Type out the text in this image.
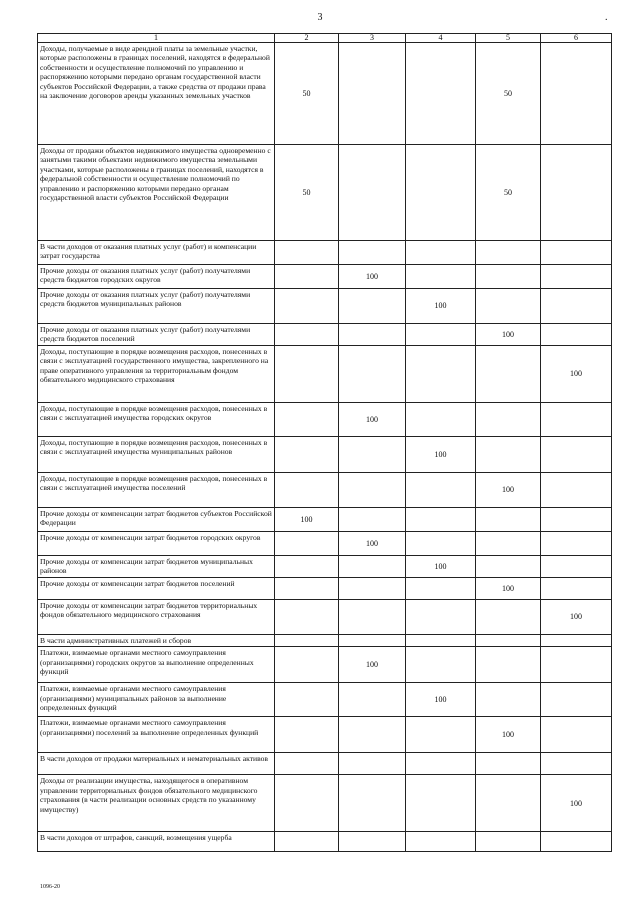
3	.
1	2	3	4	5	6
Доходы, получаемые в виде арендной платы за земельные участки, которые расположены в границах поселений, находятся в федеральной собственности и осуществление полномочий по управлению и распоряжению которыми передано органам государственной власти субъектов Российской Федерации, а также средства от продажи права на заключение договоров аренды указанных земельных участков	50			50	
Доходы от продажи объектов недвижимого имущества одновременно с занятыми такими объектами недвижимого имущества земельными участками, которые расположены в границах поселений, находятся в федеральной собственности и осуществление полномочий по управлению и распоряжению которыми передано органам государственной власти субъектов Российской Федерации	50			50	
В части доходов от оказания платных услуг (работ) и компенсации затрат государства					
Прочие доходы от оказания платных услуг (работ) получателями средств бюджетов городских округов		100			
Прочие доходы от оказания платных услуг (работ) получателями средств бюджетов муниципальных районов			100		
Прочие доходы от оказания платных услуг (работ) получателями средств бюджетов поселений				100	
Доходы, поступающие в порядке возмещения расходов, понесенных в связи с эксплуатацией государственного имущества, закрепленного на праве оперативного управления за территориальным фондом обязательного медицинского страхования					100
Доходы, поступающие в порядке возмещения расходов, понесенных в связи с эксплуатацией имущества городских округов		100			
Доходы, поступающие в порядке возмещения расходов, понесенных в связи с эксплуатацией имущества муниципальных районов			100		
Доходы, поступающие в порядке возмещения расходов, понесенных в связи с эксплуатацией имущества поселений				100	
Прочие доходы от компенсации затрат бюджетов субъектов Российской Федерации	100				
Прочие доходы от компенсации затрат бюджетов городских округов		100			
Прочие доходы от компенсации затрат бюджетов муниципальных районов			100		
Прочие доходы от компенсации затрат бюджетов поселений				100	
Прочие доходы от компенсации затрат бюджетов территориальных фондов обязательного медицинского страхования					100
В части административных платежей и сборов					
Платежи, взимаемые органами местного самоуправления (организациями) городских округов за выполнение определенных функций		100			
Платежи, взимаемые органами местного самоуправления (организациями) муниципальных районов за выполнение определенных функций			100		
Платежи, взимаемые органами местного самоуправления (организациями) поселений за выполнение определенных функций				100	
В части доходов от продажи материальных и нематериальных активов					
Доходы от реализации имущества, находящегося в оперативном управлении территориальных фондов обязательного медицинского страхования (в части реализации основных средств по указанному имуществу)					100
В части доходов от штрафов, санкций, возмещения ущерба					
1096-20
